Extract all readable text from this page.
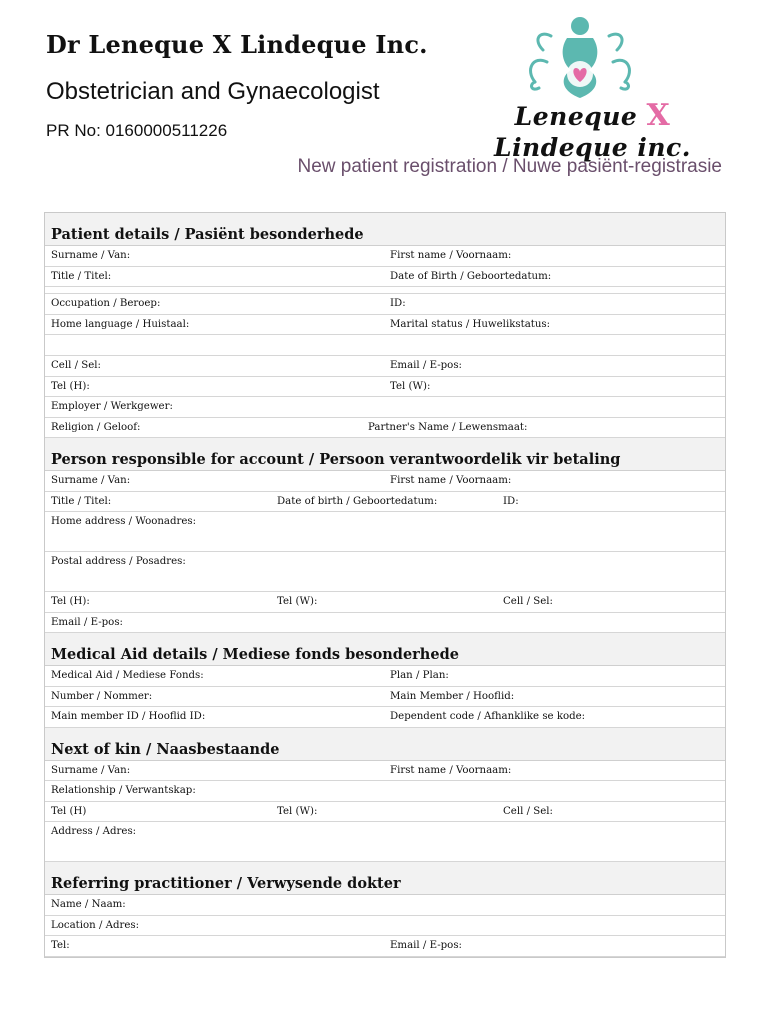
Dr Leneque X Lindeque Inc.
Obstetrician and Gynaecologist
PR No: 0160000511226	Leneque X Lindeque inc.
New patient registration / Nuwe pasiënt-registrasie
Patient details / Pasiënt besonderhede
Surname / Van:	First name / Voornaam:
Title / Titel:	Date of Birth / Geboortedatum:
Occupation / Beroep:	ID:
Home language / Huistaal:	Marital status / Huwelikstatus:
Cell / Sel:	Email / E-pos:
Tel (H):	Tel (W):
Employer / Werkgewer:
Religion / Geloof:	Partner's Name / Lewensmaat:
Person responsible for account / Persoon verantwoordelik vir betaling
Surname / Van:	First name / Voornaam:
Title / Titel:	Date of birth / Geboortedatum:	ID:
Home address / Woonadres:
Postal address / Posadres:
Tel (H):	Tel (W):	Cell / Sel:
Email / E-pos:
Medical Aid details / Mediese fonds besonderhede
Medical Aid / Mediese Fonds:	Plan / Plan:
Number / Nommer:	Main Member / Hooflid:
Main member ID / Hooflid ID:	Dependent code / Afhanklike se kode:
Next of kin / Naasbestaande
Surname / Van:	First name / Voornaam:
Relationship / Verwantskap:
Tel (H)	Tel (W):	Cell / Sel:
Address / Adres:
Referring practitioner / Verwysende dokter
Name / Naam:
Location / Adres:
Tel:	Email / E-pos:
